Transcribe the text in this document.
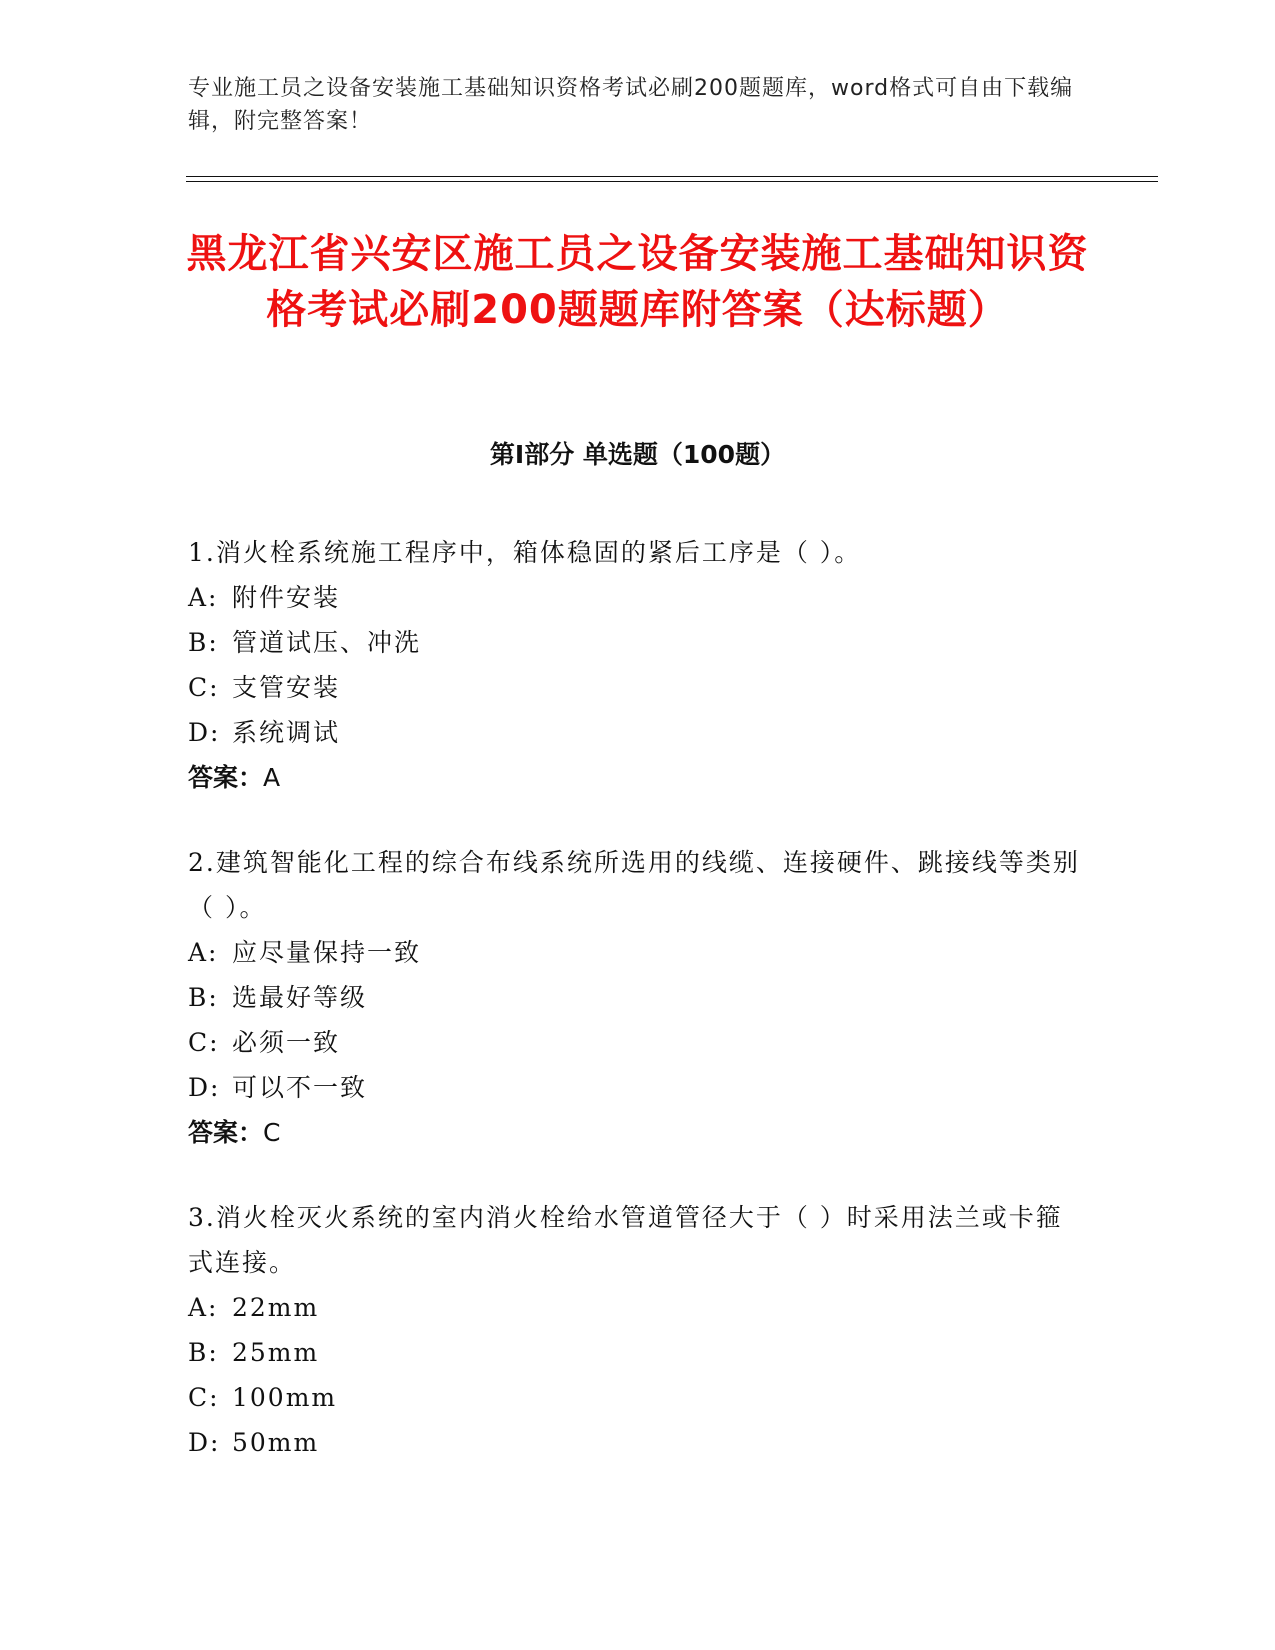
专业施工员之设备安装施工基础知识资格考试必刷200题题库，word格式可自由下载编辑，附完整答案！
黑龙江省兴安区施工员之设备安装施工基础知识资格考试必刷200题题库附答案（达标题）
第Ⅰ部分 单选题（100题）

1.消火栓系统施工程序中，箱体稳固的紧后工序是（ ）。

A: 附件安装

B: 管道试压、冲洗

C: 支管安装

D: 系统调试

答案：A

2.建筑智能化工程的综合布线系统所选用的线缆、连接硬件、跳接线等类别（ ）。

A: 应尽量保持一致

B: 选最好等级

C: 必须一致

D: 可以不一致

答案：C

3.消火栓灭火系统的室内消火栓给水管道管径大于（ ）时采用法兰或卡箍式连接。

A: 22mm

B: 25mm

C: 100mm

D: 50mm
